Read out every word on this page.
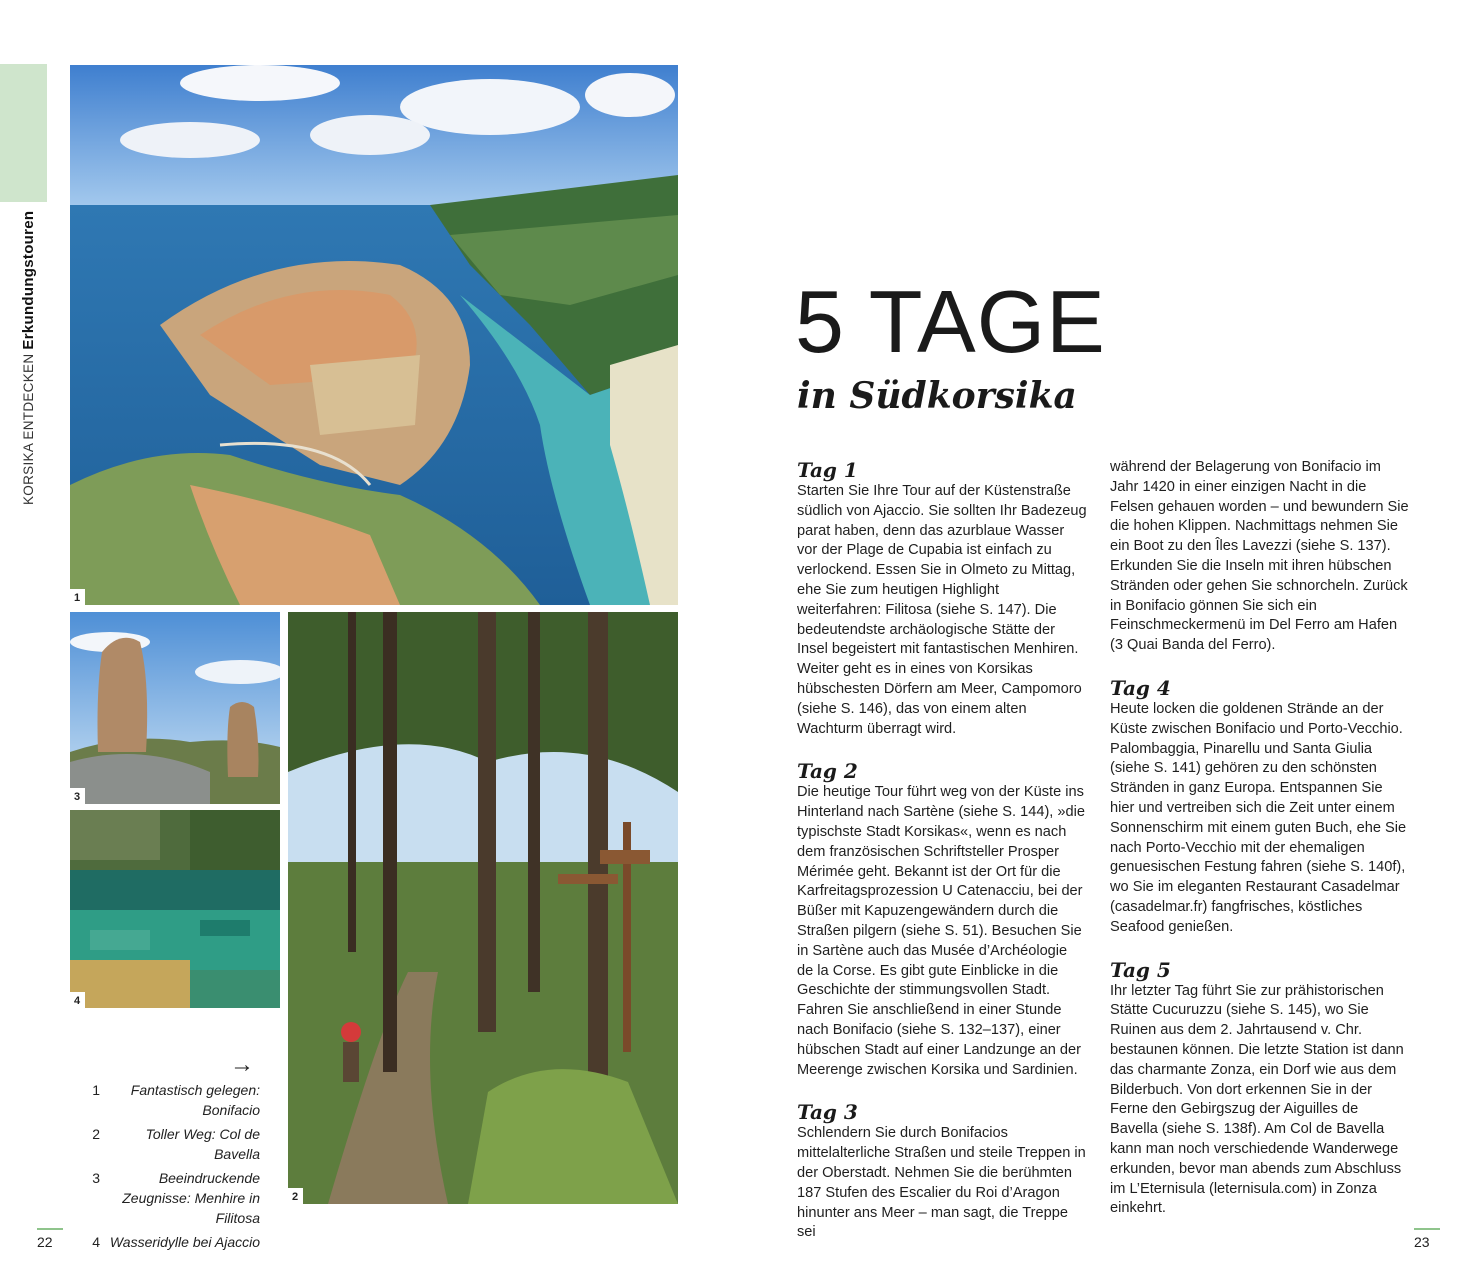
KORSIKA ENTDECKENErkundungstouren
1
3
4
2
→
1	Fantastisch gelegen: Bonifacio
2	Toller Weg: Col de Bavella
3	Beeindruckende Zeugnisse: Menhire in Filitosa
4 Wasseridylle bei Ajaccio
22	23
5 TAGE
in Südkorsika
Tag 1

Starten Sie Ihre Tour auf der Küstenstraße südlich von Ajaccio. Sie sollten Ihr Badezeug parat haben, denn das azurblaue Wasser vor der Plage de Cupabia ist einfach zu verlockend. Essen Sie in Olmeto zu Mittag, ehe Sie zum heutigen Highlight weiterfahren: Filitosa (siehe S. 147). Die bedeutendste archäologische Stätte der Insel begeistert mit fantastischen Menhiren. Weiter geht es in eines von Korsikas hübschesten Dörfern am Meer, Campomoro (siehe S. 146), das von einem alten Wachturm überragt wird.

Tag 2

Die heutige Tour führt weg von der Küste ins Hinterland nach Sartène (siehe S. 144), »die typischste Stadt Korsikas«, wenn es nach dem französischen Schriftsteller Prosper Mérimée geht. Bekannt ist der Ort für die Karfreitagsprozession U Catenacciu, bei der Büßer mit Kapuzengewändern durch die Straßen pilgern (siehe S. 51). Besuchen Sie in Sartène auch das Musée d’Archéologie de la Corse. Es gibt gute Einblicke in die Geschichte der stimmungsvollen Stadt. Fahren Sie anschließend in einer Stunde nach Bonifacio (siehe S. 132–137), einer hübschen Stadt auf einer Landzunge an der Meerenge zwischen Korsika und Sardinien.

Tag 3

Schlendern Sie durch Bonifacios mittelalterliche Straßen und steile Treppen in der Oberstadt. Nehmen Sie die berühmten 187 Stufen des Escalier du Roi d’Aragon hinunter ans Meer – man sagt, die Treppe sei

während der Belagerung von Bonifacio im Jahr 1420 in einer einzigen Nacht in die Felsen gehauen worden – und bewundern Sie die hohen Klippen. Nachmittags nehmen Sie ein Boot zu den Îles Lavezzi (siehe S. 137). Erkunden Sie die Inseln mit ihren hübschen Stränden oder gehen Sie schnorcheln. Zurück in Bonifacio gönnen Sie sich ein Feinschmeckermenü im Del Ferro am Hafen (3 Quai Banda del Ferro).

Tag 4

Heute locken die goldenen Strände an der Küste zwischen Bonifacio und Porto-Vecchio. Palombaggia, Pinarellu und Santa Giulia (siehe S. 141) gehören zu den schönsten Stränden in ganz Europa. Entspannen Sie hier und vertreiben sich die Zeit unter einem Sonnenschirm mit einem guten Buch, ehe Sie nach Porto-Vecchio mit der ehemaligen genuesischen Festung fahren (siehe S. 140f), wo Sie im eleganten Restaurant Casadelmar (casadelmar.fr) fangfrisches, köstliches Seafood genießen.

Tag 5

Ihr letzter Tag führt Sie zur prähistorischen Stätte Cucuruzzu (siehe S. 145), wo Sie Ruinen aus dem 2. Jahrtausend v. Chr. bestaunen können. Die letzte Station ist dann das charmante Zonza, ein Dorf wie aus dem Bilderbuch. Von dort erkennen Sie in der Ferne den Gebirgszug der Aiguilles de Bavella (siehe S. 138f). Am Col de Bavella kann man noch verschiedende Wanderwege erkunden, bevor man abends zum Abschluss im L’Eternisula (leternisula.com) in Zonza einkehrt.
